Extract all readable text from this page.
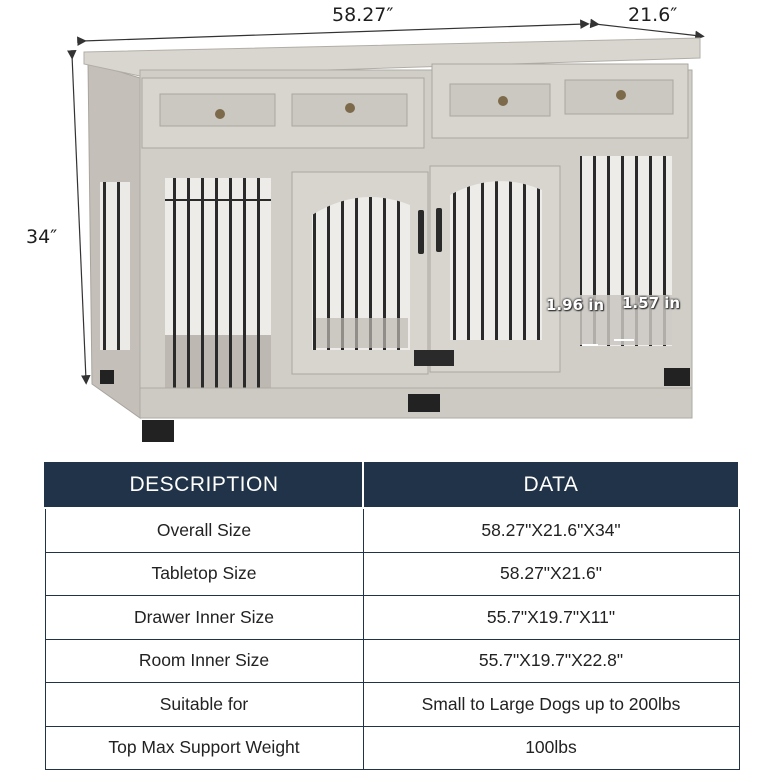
58.27″	21.6″
34″
1.96 in 1.57 in
DESCRIPTION	DATA
Overall Size	58.27"X21.6"X34"
Tabletop Size	58.27"X21.6"
Drawer Inner Size	55.7"X19.7"X11"
Room Inner Size	55.7"X19.7"X22.8"
Suitable for	Small to Large Dogs up to 200lbs
Top Max Support Weight	100lbs
